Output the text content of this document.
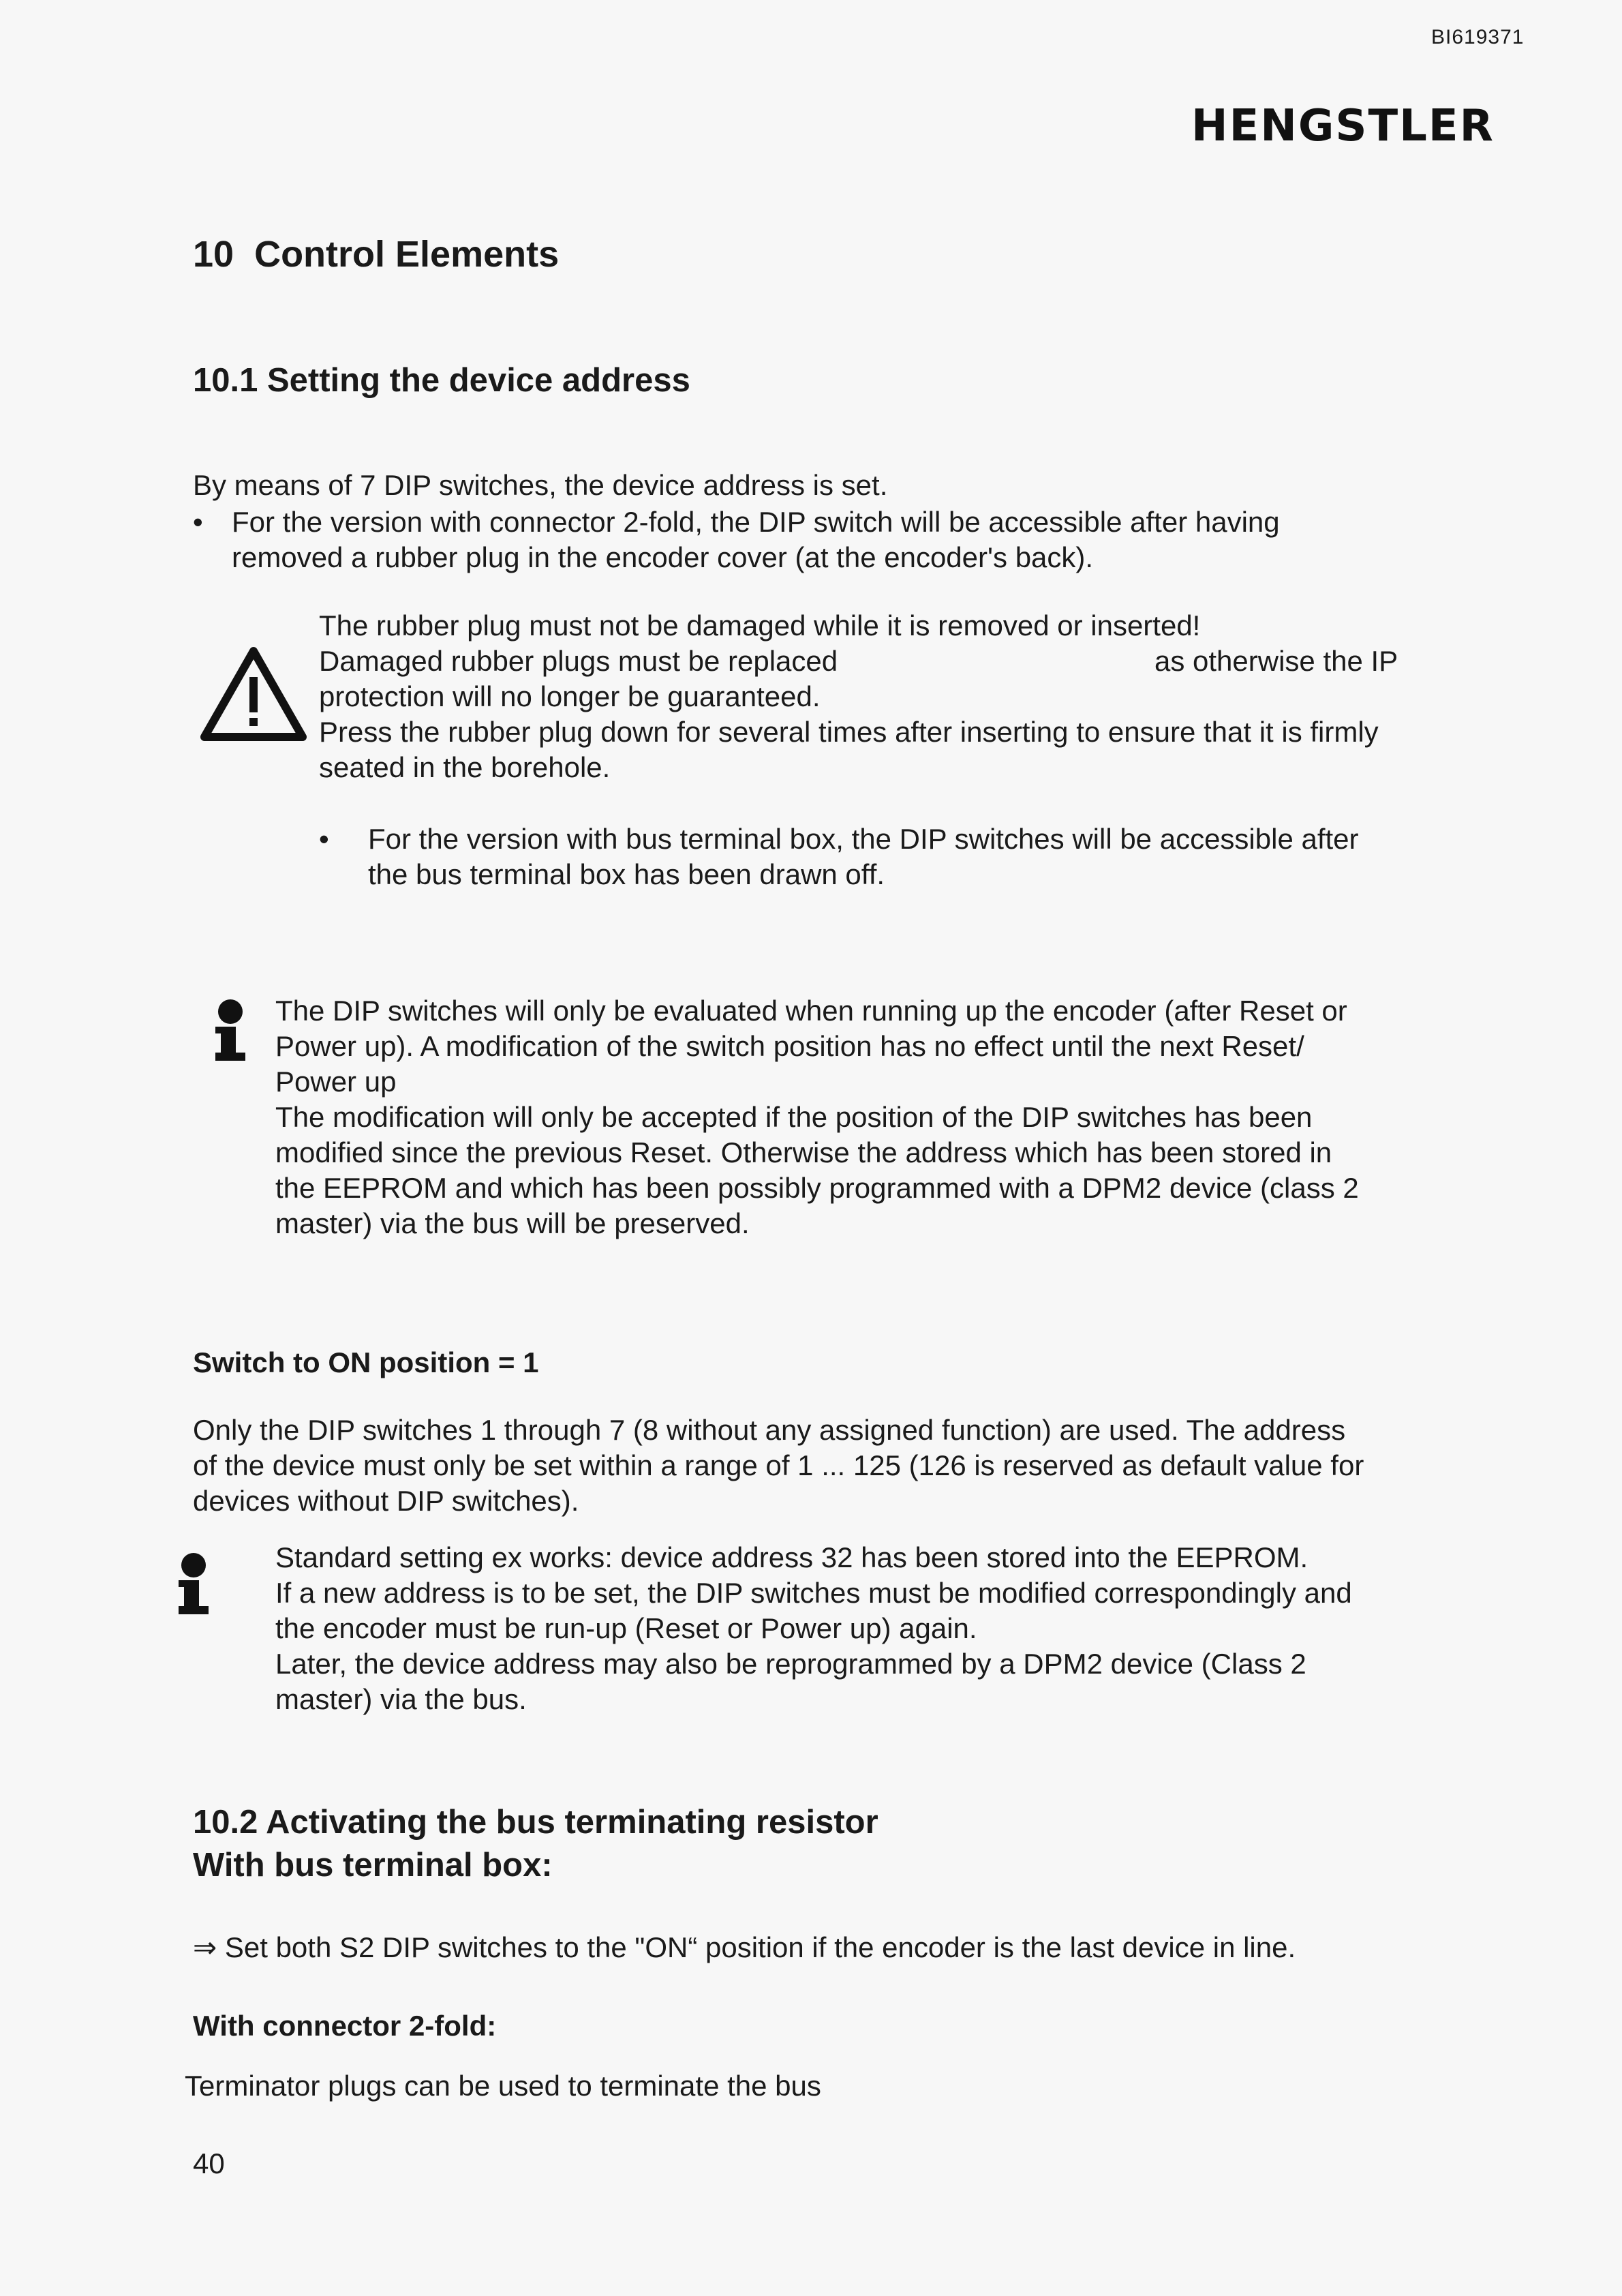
BI619371
HENGSTLER
10  Control Elements
10.1 Setting the device address
By means of 7 DIP switches, the device address is set.
• For the version with connector 2-fold, the DIP switch will be accessible after having
removed a rubber plug in the encoder cover (at the encoder's back).
The rubber plug must not be damaged while it is removed or inserted!
Damaged rubber plugs must be replaced	as otherwise the IP
protection will no longer be guaranteed.
Press the rubber plug down for several times after inserting to ensure that it is firmly
seated in the borehole.
• For the version with bus terminal box, the DIP switches will be accessible after
the bus terminal box has been drawn off.
The DIP switches will only be evaluated when running up the encoder (after Reset or
Power up). A modification of the switch position has no effect until the next Reset/
Power up
The modification will only be accepted if the position of the DIP switches has been
modified since the previous Reset. Otherwise the address which has been stored in
the EEPROM and which has been possibly programmed with a DPM2 device (class 2
master) via the bus will be preserved.
Switch to ON position = 1
Only the DIP switches 1 through 7 (8 without any assigned function) are used. The address
of the device must only be set within a range of 1 ... 125 (126 is reserved as default value for
devices without DIP switches).
Standard setting ex works: device address 32 has been stored into the EEPROM.
If a new address is to be set, the DIP switches must be modified correspondingly and
the encoder must be run-up (Reset or Power up) again.
Later, the device address may also be reprogrammed by a DPM2 device (Class 2
master) via the bus.
10.2 Activating the bus terminating resistor
With bus terminal box:
⇒ Set both S2 DIP switches to the "ON“ position if the encoder is the last device in line.
With connector 2-fold:
Terminator plugs can be used to terminate the bus
40
